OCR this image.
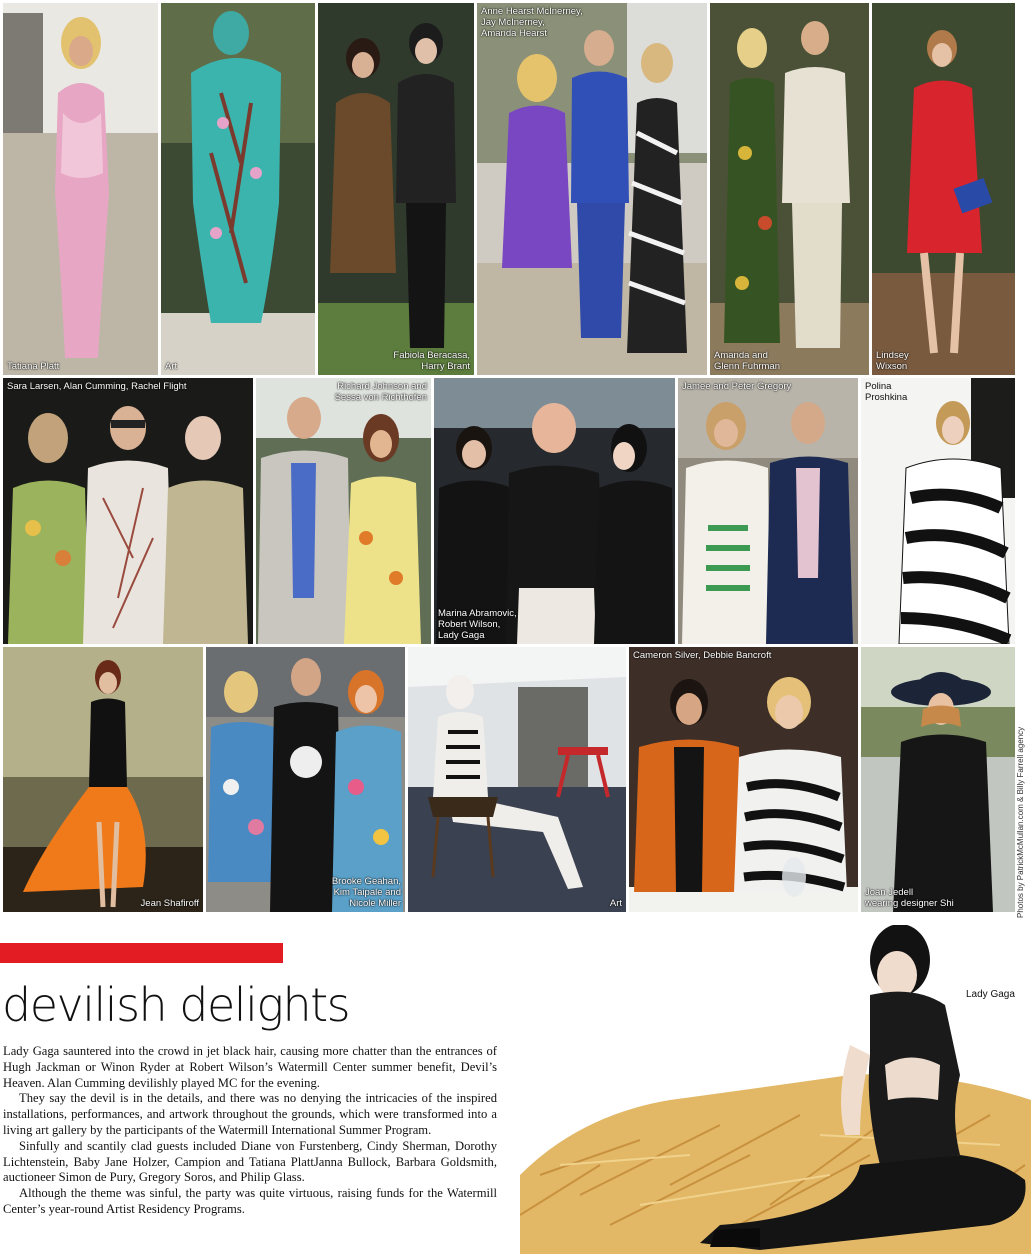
Tatiana Platt	Art
Fabiola Beracasa,
Harry Brant
Anne Hearst McInerney,
Jay McInerney,
Amanda Hearst
Amanda and
Glenn Fuhrman
Lindsey
Wixson
Sara Larsen, Alan Cumming, Rachel Flight	Richard Johnson and
Sessa von Richthofen
Marina Abramovic,
Robert Wilson,
Lady Gaga
Jamee and Peter Gregory	Polina
Proshkina
Jean Shafiroff
Brooke Geahan,
Kim Taipale and
Nicole Miller	Art
Cameron Silver, Debbie Bancroft
Joan Jedell
wearing designer Shi	Photos by PatrickMcMullan.com & Billy Farrell agency
devilish delights

Lady Gaga sauntered into the crowd in jet black hair, causing more chatter than the entrances of Hugh Jackman or Winon Ryder at Robert Wilson’s Watermill Center summer benefit, Devil’s Heaven. Alan Cumming devilishly played MC for the evening.

They say the devil is in the details, and there was no denying the intricacies of the inspired installations, performances, and artwork throughout the grounds, which were transformed into a living art gallery by the participants of the Watermill International Summer Program.

Sinfully and scantily clad guests included Diane von Furstenberg, Cindy Sherman, Dorothy Lichtenstein, Baby Jane Holzer, Campion and Tatiana PlattJanna Bullock, Barbara Goldsmith, auctioneer Simon de Pury, Gregory Soros, and Philip Glass.

Although the theme was sinful, the party was quite virtuous, raising funds for the Watermill Center’s year-round Artist Residency Programs.

Lady Gaga
